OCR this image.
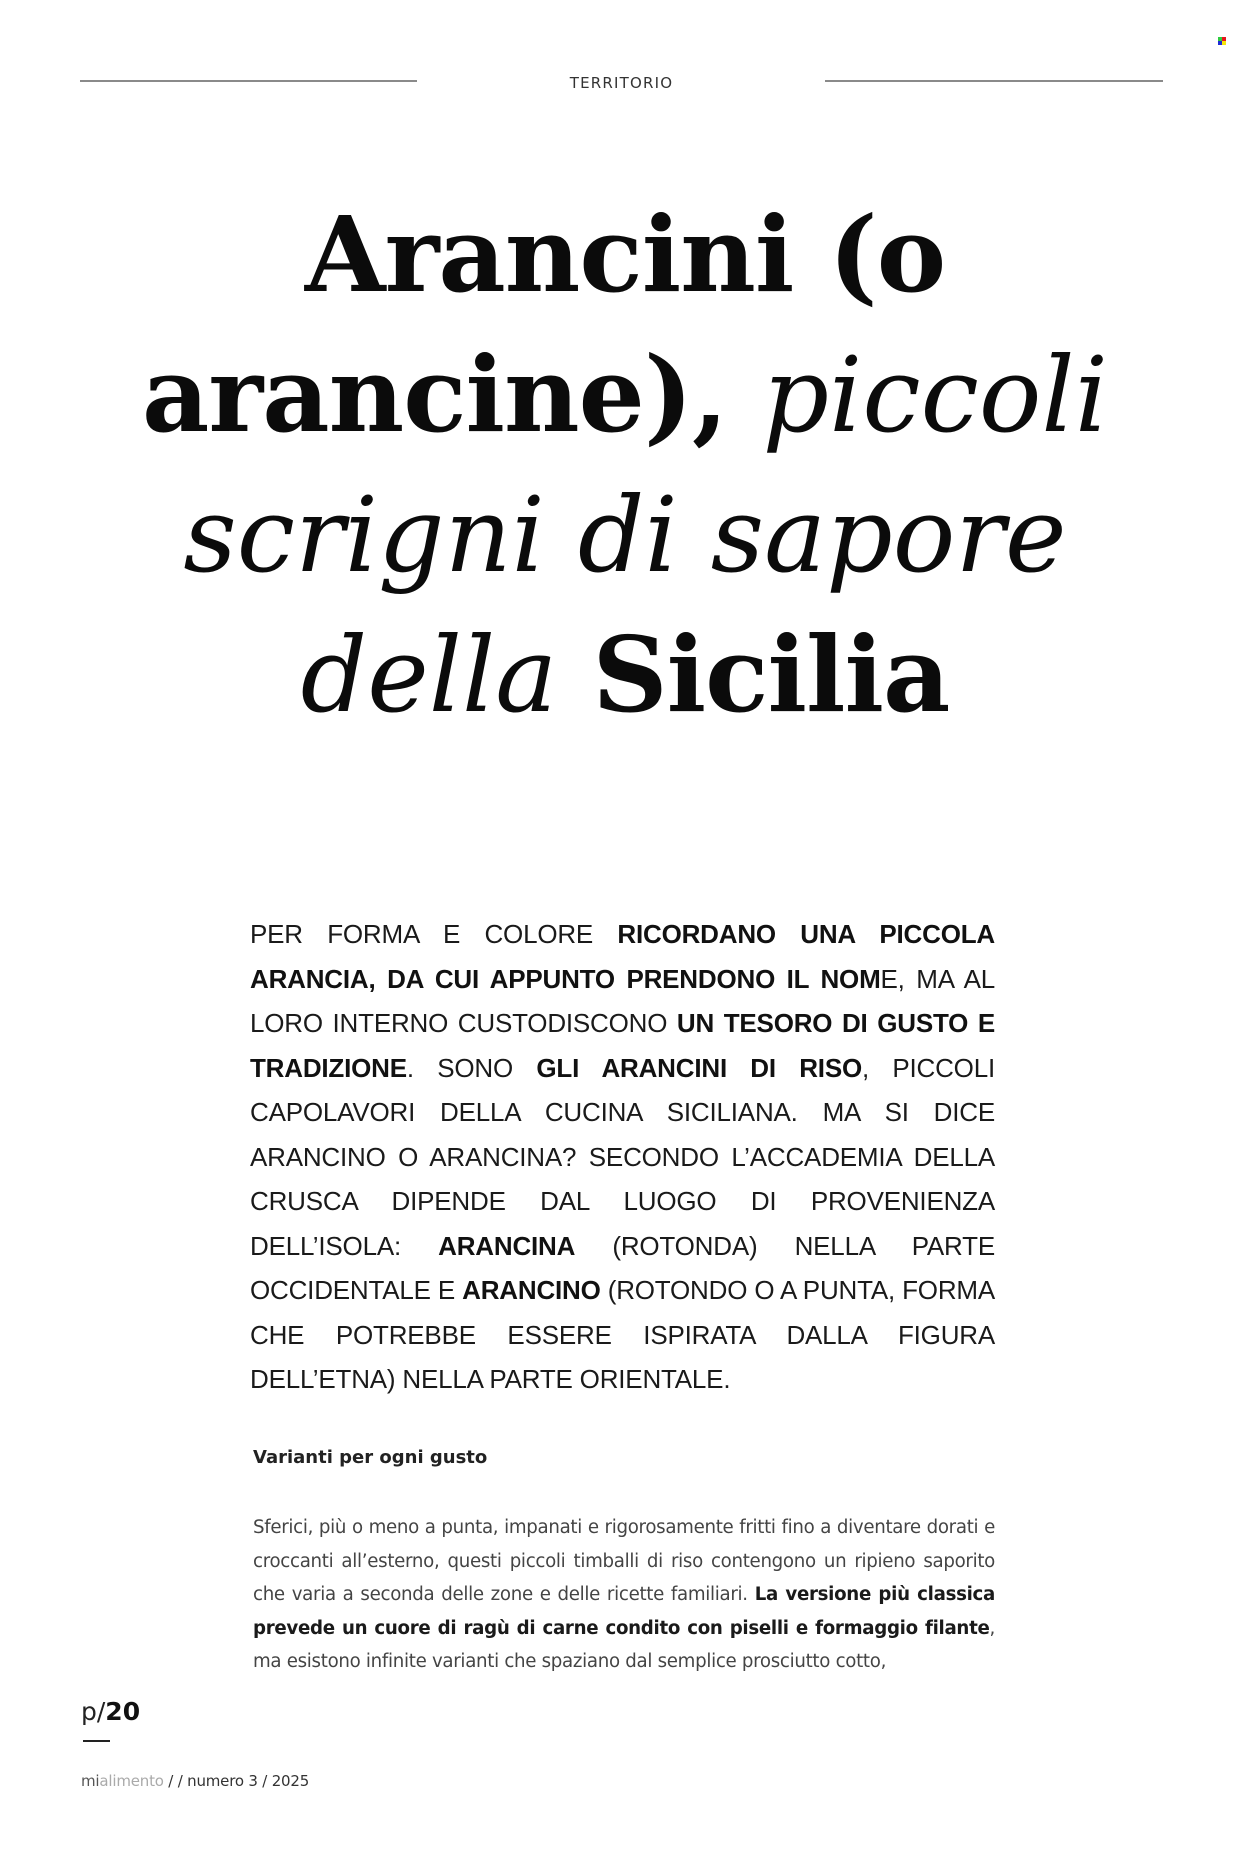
TERRITORIO
Arancini (o
arancine), piccoli
scrigni di sapore
della Sicilia

PER FORMA E COLORE RICORDANO UNA PICCOLA ARANCIA, DA CUI APPUNTO PRENDONO IL NOME, MA AL LORO INTERNO CUSTODISCONO UN TESORO DI GUSTO E TRADIZIONE. SONO GLI ARANCINI DI RISO, PICCOLI CAPOLAVORI DELLA CUCINA SICILIANA. MA SI DICE ARANCINO O ARANCINA? SECONDO L’ACCADEMIA DELLA CRUSCA DIPENDE DAL LUOGO DI PROVENIENZA DELL’ISOLA: ARANCINA (ROTONDA) NELLA PARTE OCCIDENTALE E ARANCINO (ROTONDO O A PUNTA, FORMA CHE POTREBBE ESSERE ISPIRATA DALLA FIGURA DELL’ETNA) NELLA PARTE ORIENTALE.

Varianti per ogni gusto

Sferici, più o meno a punta, impanati e rigorosamente fritti fino a diventare dorati e croccanti all’esterno, questi piccoli timballi di riso contengono un ripieno saporito che varia a seconda delle zone e delle ricette familiari. La versione più classica prevede un cuore di ragù di carne condito con piselli e formaggio filante, ma esistono infinite varianti che spaziano dal semplice prosciutto cotto,

p/20
mialimento / / numero 3 / 2025
